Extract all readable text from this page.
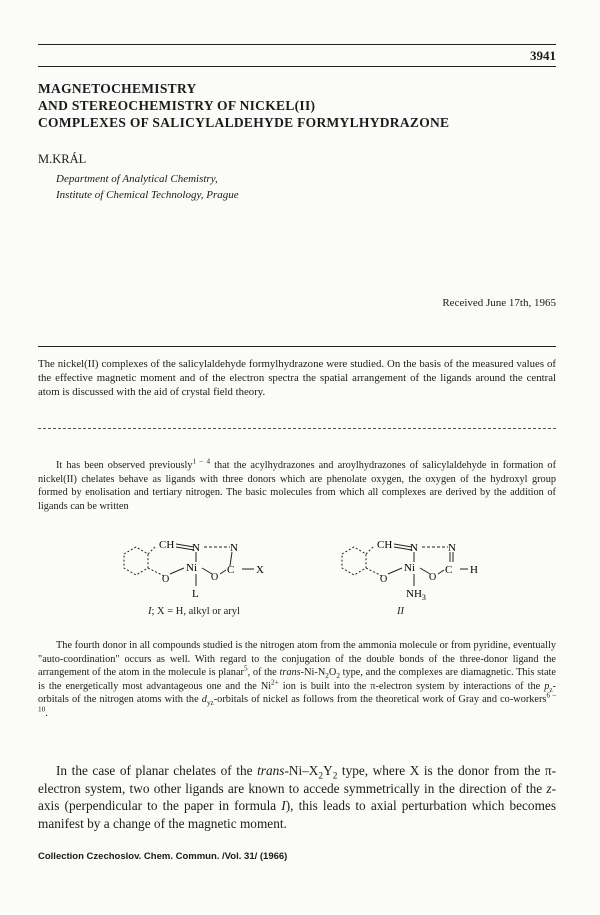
3941
MAGNETOCHEMISTRY
AND STEREOCHEMISTRY OF NICKEL(II)
COMPLEXES OF SALICYLALDEHYDE FORMYLHYDRAZONE
M.KRÁL
Department of Analytical Chemistry,
Institute of Chemical Technology, Prague
Received June 17th, 1965
The nickel(II) complexes of the salicylaldehyde formylhydrazone were studied. On the basis of the measured values of the effective magnetic moment and of the electron spectra the spatial arrangement of the ligands around the central atom is discussed with the aid of crystal field theory.
It has been observed previously$^{1 - 4}$ that the acylhydrazones and aroylhydrazones of salicylaldehyde in formation of nickel(II) chelates behave as ligands with three donors which are phenolate oxygen, the oxygen of the hydroxyl group formed by enolisation and tertiary nitrogen. The basic molecules from which all complexes are derived by the addition of ligands can be written
CH N	N
Ni
O	O
C X
L
CH N	N
Ni
O	O
C H
$NH_3$
I; X = H, alkyl or aryl	II
The fourth donor in all compounds studied is the nitrogen atom from the ammonia molecule or from pyridine, eventually "auto-coordination" occurs as well. With regard to the conjugation of the double bonds of the three-donor ligand the arrangement of the atom in the molecule is planar$^5$, of the trans-$Ni-N_2O_2$ type, and the complexes are diamagnetic. This state is the energetically most advantageous one and the $Ni^{2+}$ ion is built into the π-electron system by interactions of the $p_z$-orbitals of the nitrogen atoms with the $d_{yz}$-orbitals of nickel as follows from the theoretical work of Gray and co-workers$^{6 - 10}$.
In the case of planar chelates of the trans-$Ni-X_2Y_2$ type, where X is the donor from the π-electron system, two other ligands are known to accede symmetrically in the direction of the z-axis (perpendicular to the paper in formula I), this leads to axial perturbation which becomes manifest by a change of the magnetic moment.
Collection Czechoslov. Chem. Commun. /Vol. 31/ (1966)
